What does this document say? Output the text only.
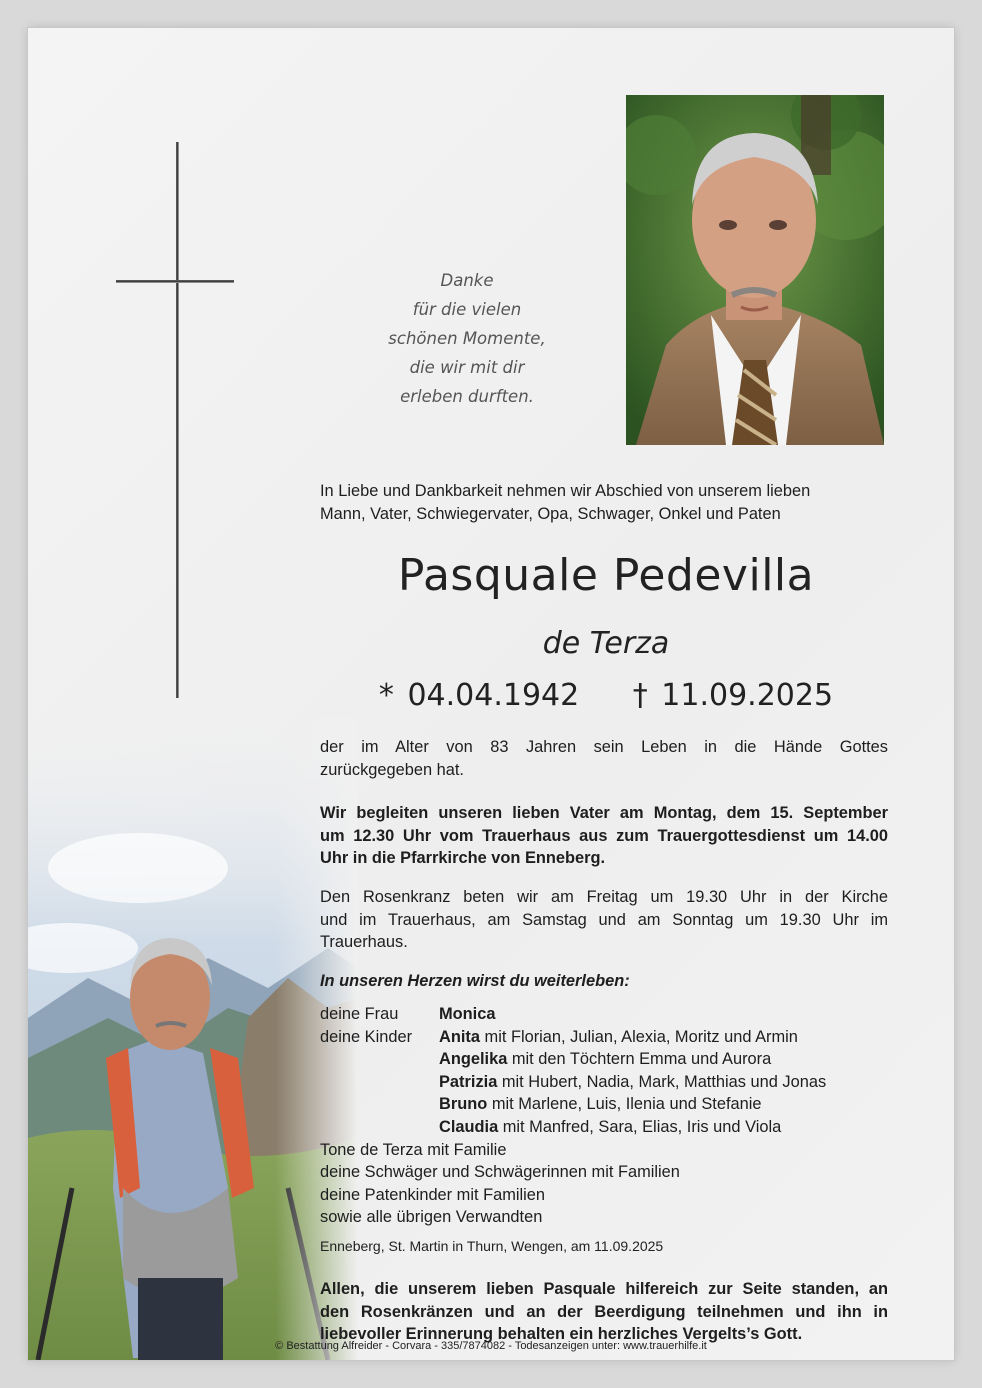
Danke
für die vielen
schönen Momente,
die wir mit dir
erleben durften.
In Liebe und Dankbarkeit nehmen wir Abschied von unserem lieben
Mann, Vater, Schwiegervater, Opa, Schwager, Onkel und Paten
Pasquale Pedevilla
de Terza
* 04.04.1942 † 11.09.2025
der im Alter von 83 Jahren sein Leben in die Hände Gottes
zurückgegeben hat.
Wir begleiten unseren lieben Vater am Montag, dem 15. September
um 12.30 Uhr vom Trauerhaus aus zum Trauergottesdienst um 14.00
Uhr in die Pfarrkirche von Enneberg.
Den Rosenkranz beten wir am Freitag um 19.30 Uhr in der Kirche
und im Trauerhaus, am Samstag und am Sonntag um 19.30 Uhr im
Trauerhaus.
In unseren Herzen wirst du weiterleben:
deine Frau Monica
deine Kinder Anita mit Florian, Julian, Alexia, Moritz und Armin
Angelika mit den Töchtern Emma und Aurora
Patrizia mit Hubert, Nadia, Mark, Matthias und Jonas
Bruno mit Marlene, Luis, Ilenia und Stefanie
Claudia mit Manfred, Sara, Elias, Iris und Viola
Tone de Terza mit Familie
deine Schwäger und Schwägerinnen mit Familien
deine Patenkinder mit Familien
sowie alle übrigen Verwandten
Enneberg, St. Martin in Thurn, Wengen, am 11.09.2025
Allen, die unserem lieben Pasquale hilfereich zur Seite standen, an
den Rosenkränzen und an der Beerdigung teilnehmen und ihn in
liebevoller Erinnerung behalten ein herzliches Vergelts’s Gott.
© Bestattung Alfreider - Corvara - 335/7874082 - Todesanzeigen unter: www.trauerhilfe.it
